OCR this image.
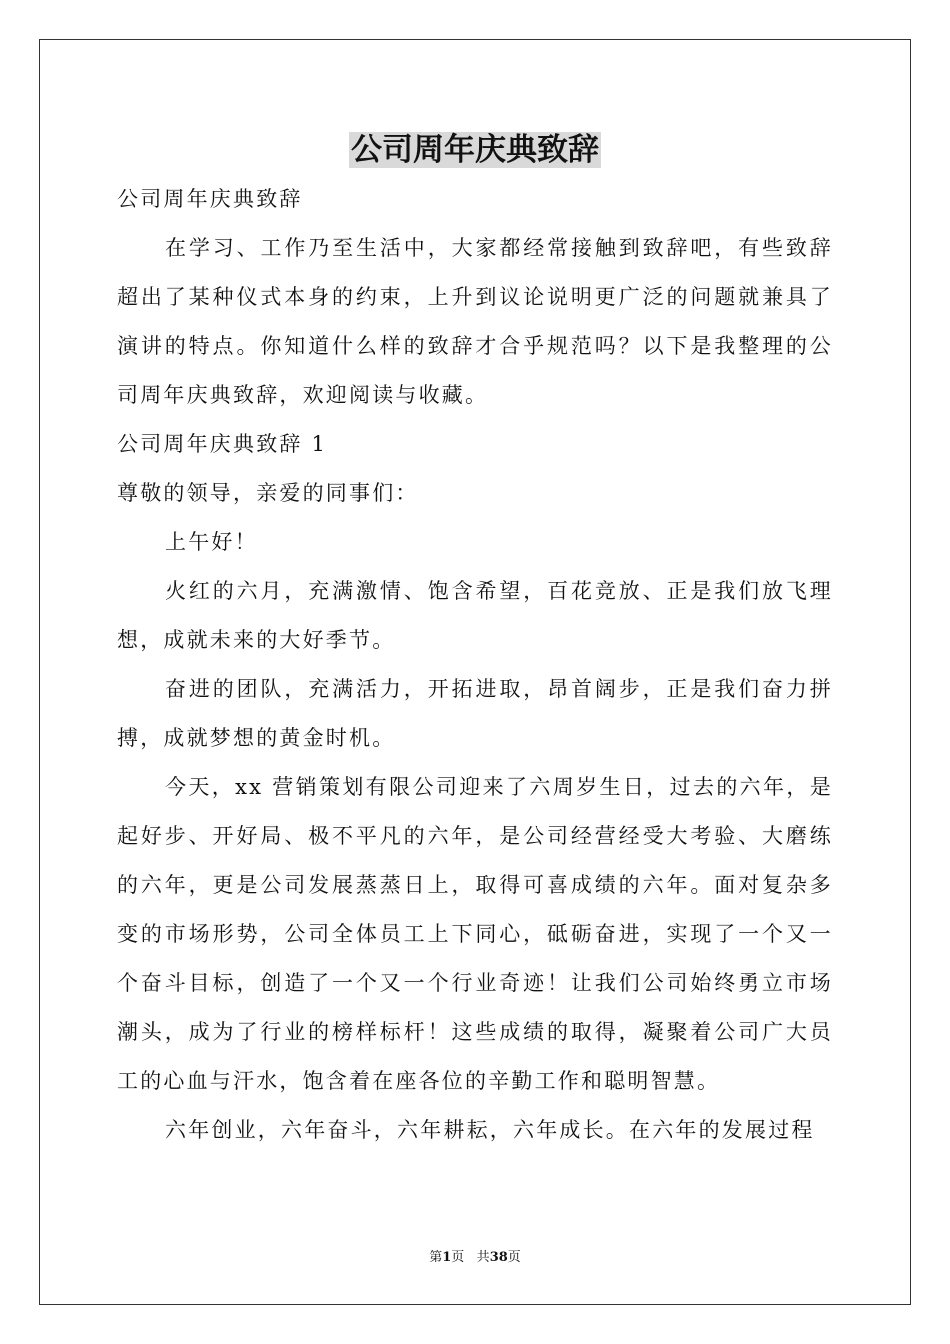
公司周年庆典致辞

公司周年庆典致辞

在学习、工作乃至生活中，大家都经常接触到致辞吧，有些致辞超出了某种仪式本身的约束，上升到议论说明更广泛的问题就兼具了演讲的特点。你知道什么样的致辞才合乎规范吗？以下是我整理的公司周年庆典致辞，欢迎阅读与收藏。

公司周年庆典致辞 1

尊敬的领导，亲爱的同事们：

上午好！

火红的六月，充满激情、饱含希望，百花竞放、正是我们放飞理想，成就未来的大好季节。

奋进的团队，充满活力，开拓进取，昂首阔步，正是我们奋力拼搏，成就梦想的黄金时机。

今天，xx 营销策划有限公司迎来了六周岁生日，过去的六年，是起好步、开好局、极不平凡的六年，是公司经营经受大考验、大磨练的六年，更是公司发展蒸蒸日上，取得可喜成绩的六年。面对复杂多变的市场形势，公司全体员工上下同心，砥砺奋进，实现了一个又一个奋斗目标，创造了一个又一个行业奇迹！让我们公司始终勇立市场潮头，成为了行业的榜样标杆！这些成绩的取得，凝聚着公司广大员工的心血与汗水，饱含着在座各位的辛勤工作和聪明智慧。

六年创业，六年奋斗，六年耕耘，六年成长。在六年的发展过程

第1页 共38页
